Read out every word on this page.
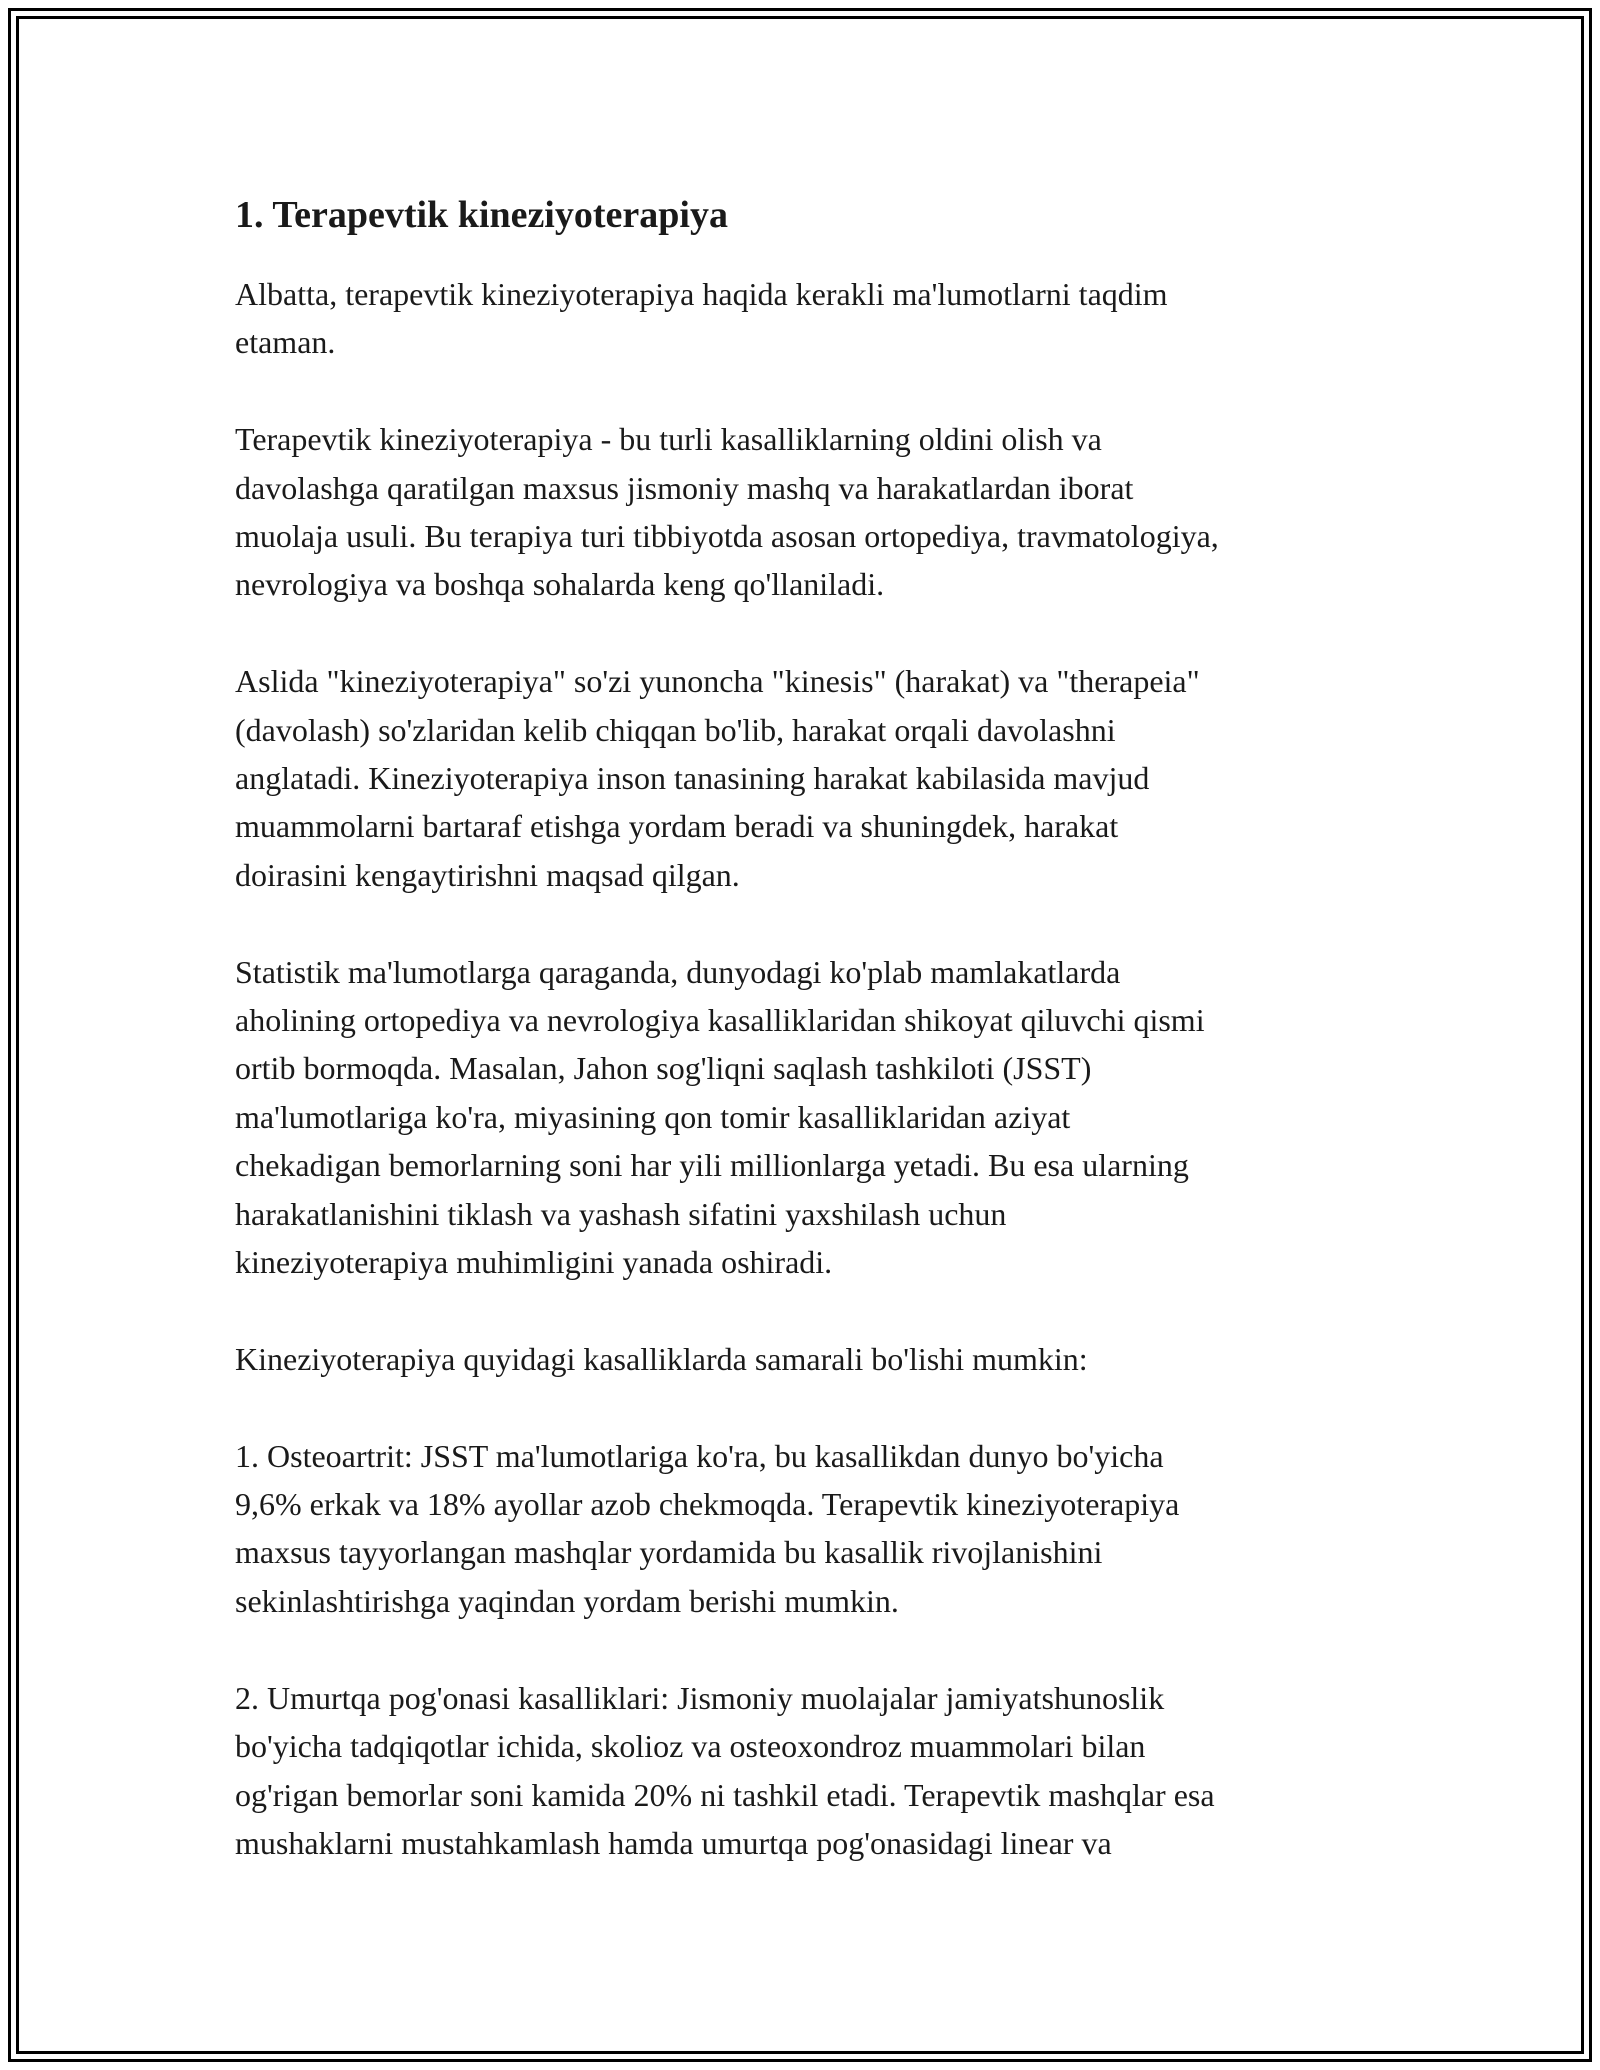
1. Terapevtik kineziyoterapiya

Albatta, terapevtik kineziyoterapiya haqida kerakli ma'lumotlarni taqdim
etaman.

Terapevtik kineziyoterapiya - bu turli kasalliklarning oldini olish va
davolashga qaratilgan maxsus jismoniy mashq va harakatlardan iborat
muolaja usuli. Bu terapiya turi tibbiyotda asosan ortopediya, travmatologiya,
nevrologiya va boshqa sohalarda keng qo'llaniladi.

Aslida "kineziyoterapiya" so'zi yunoncha "kinesis" (harakat) va "therapeia"
(davolash) so'zlaridan kelib chiqqan bo'lib, harakat orqali davolashni
anglatadi. Kineziyoterapiya inson tanasining harakat kabilasida mavjud
muammolarni bartaraf etishga yordam beradi va shuningdek, harakat
doirasini kengaytirishni maqsad qilgan.

Statistik ma'lumotlarga qaraganda, dunyodagi ko'plab mamlakatlarda
aholining ortopediya va nevrologiya kasalliklaridan shikoyat qiluvchi qismi
ortib bormoqda. Masalan, Jahon sog'liqni saqlash tashkiloti (JSST)
ma'lumotlariga ko'ra, miyasining qon tomir kasalliklaridan aziyat
chekadigan bemorlarning soni har yili millionlarga yetadi. Bu esa ularning
harakatlanishini tiklash va yashash sifatini yaxshilash uchun
kineziyoterapiya muhimligini yanada oshiradi.

Kineziyoterapiya quyidagi kasalliklarda samarali bo'lishi mumkin:

1. Osteoartrit: JSST ma'lumotlariga ko'ra, bu kasallikdan dunyo bo'yicha
9,6% erkak va 18% ayollar azob chekmoqda. Terapevtik kineziyoterapiya
maxsus tayyorlangan mashqlar yordamida bu kasallik rivojlanishini
sekinlashtirishga yaqindan yordam berishi mumkin.

2. Umurtqa pog'onasi kasalliklari: Jismoniy muolajalar jamiyatshunoslik
bo'yicha tadqiqotlar ichida, skolioz va osteoxondroz muammolari bilan
og'rigan bemorlar soni kamida 20% ni tashkil etadi. Terapevtik mashqlar esa
mushaklarni mustahkamlash hamda umurtqa pog'onasidagi linear va
